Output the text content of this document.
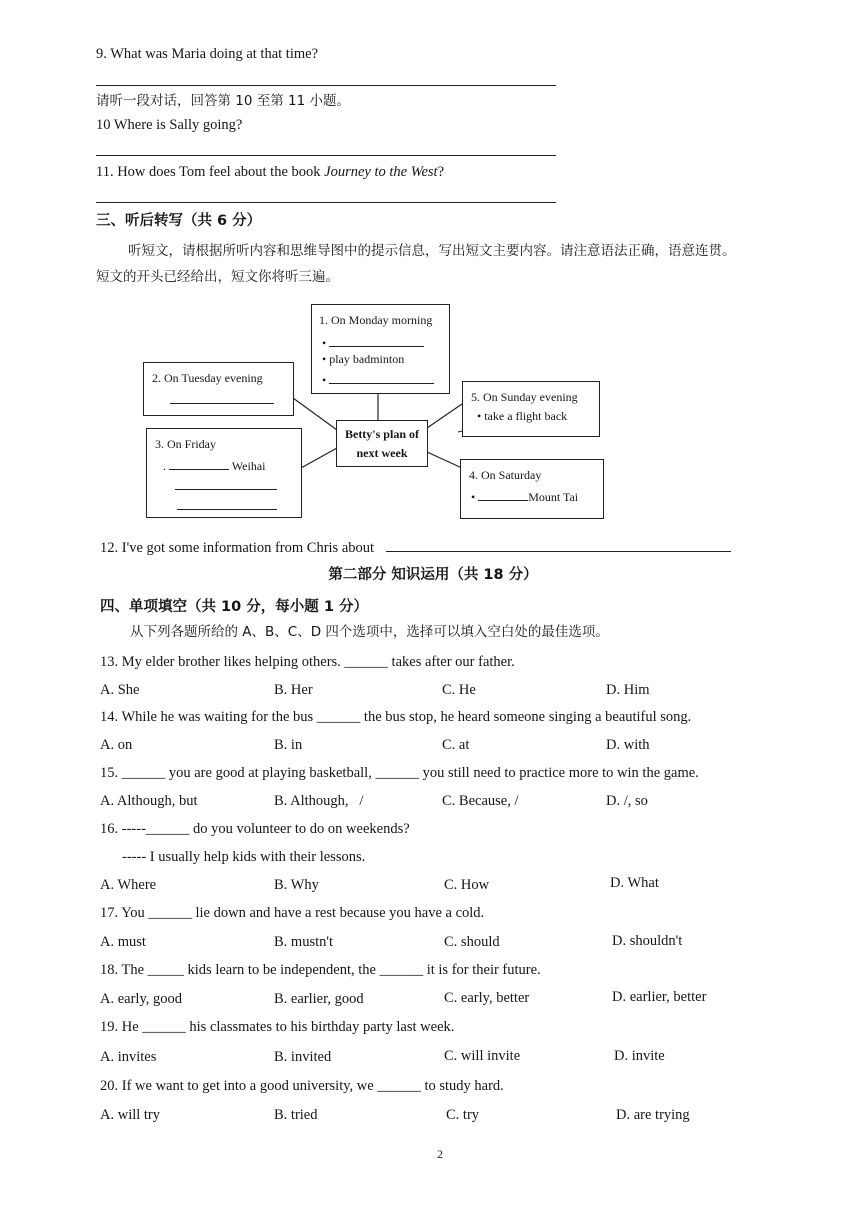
9. What was Maria doing at that time?
请听一段对话，回答第 10 至第 11 小题。
10 Where is Sally going?
11. How does Tom feel about the book Journey to the West?
三、听后转写（共 6 分）
听短文，请根据所听内容和思维导图中的提示信息，写出短文主要内容。请注意语法正确，语意连贯。
短文的开头已经给出，短文你将听三遍。
1. On Monday morning
•
• play badminton
•
2. On Tuesday evening
3. On Friday
.	Weihai
Betty's plan of
next week
5. On Sunday evening
• take a flight back
4. On Saturday
•	Mount Tai
12. I've got some information from Chris about
第二部分 知识运用（共 18 分）
四、单项填空（共 10 分，每小题 1 分）
从下列各题所给的 A、B、C、D 四个选项中，选择可以填入空白处的最佳选项。
13. My elder brother likes helping others. ______ takes after our father.
A. She	B. Her	C. He	D. Him
14. While he was waiting for the bus ______ the bus stop, he heard someone singing a beautiful song.
A. on	B. in	C. at	D. with
15. ______ you are good at playing basketball, ______ you still need to practice more to win the game.
A. Although, but	B. Although,   /	C. Because, /	D. /, so
16. -----______ do you volunteer to do on weekends?
----- I usually help kids with their lessons.
A. Where	B. Why	C. How	D. What
17. You ______ lie down and have a rest because you have a cold.
A. must	B. mustn't	C. should	D. shouldn't
18. The _____ kids learn to be independent, the ______ it is for their future.
A. early, good	B. earlier, good	C. early, better	D. earlier, better
19. He ______ his classmates to his birthday party last week.
A. invites	B. invited	C. will invite	D. invite
20. If we want to get into a good university, we ______ to study hard.
A. will try	B. tried	C. try	D. are trying
2
